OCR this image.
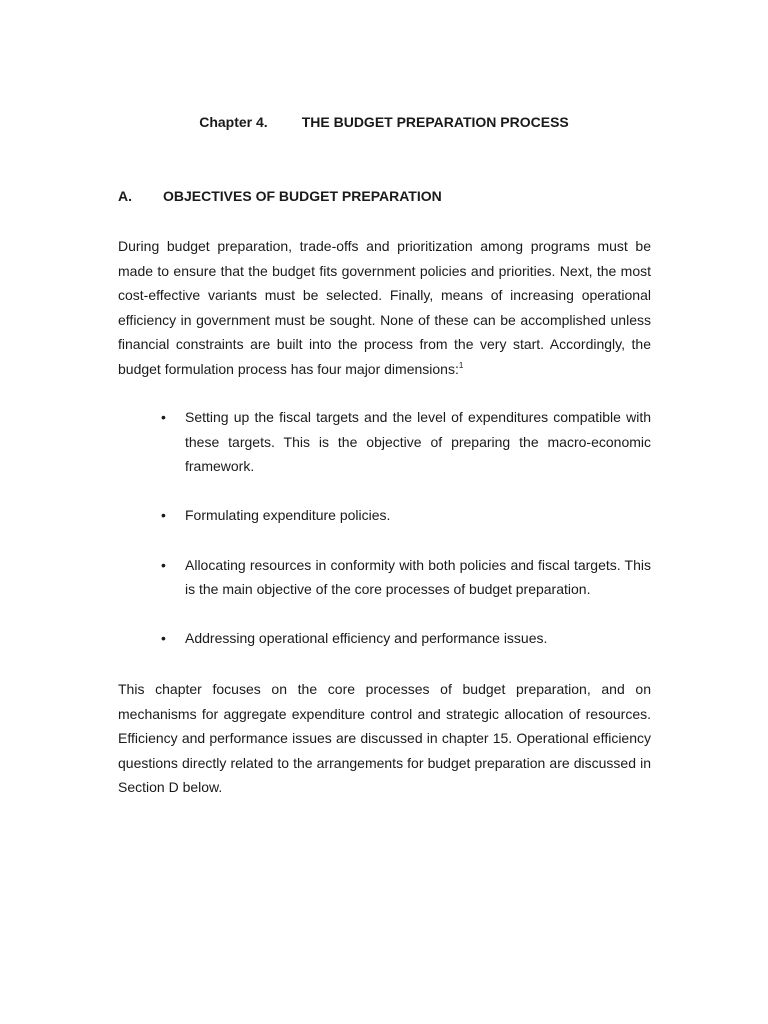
Chapter 4. THE BUDGET PREPARATION PROCESS
A. OBJECTIVES OF BUDGET PREPARATION

During budget preparation, trade-offs and prioritization among programs must be made to ensure that the budget fits government policies and priorities. Next, the most cost-effective variants must be selected. Finally, means of increasing operational efficiency in government must be sought. None of these can be accomplished unless financial constraints are built into the process from the very start. Accordingly, the budget formulation process has four major dimensions:$^1$

• Setting up the fiscal targets and the level of expenditures compatible with these targets. This is the objective of preparing the macro-economic framework.
• Formulating expenditure policies.
• Allocating resources in conformity with both policies and fiscal targets. This is the main objective of the core processes of budget preparation.
• Addressing operational efficiency and performance issues.

This chapter focuses on the core processes of budget preparation, and on mechanisms for aggregate expenditure control and strategic allocation of resources. Efficiency and performance issues are discussed in chapter 15. Operational efficiency questions directly related to the arrangements for budget preparation are discussed in Section D below.
